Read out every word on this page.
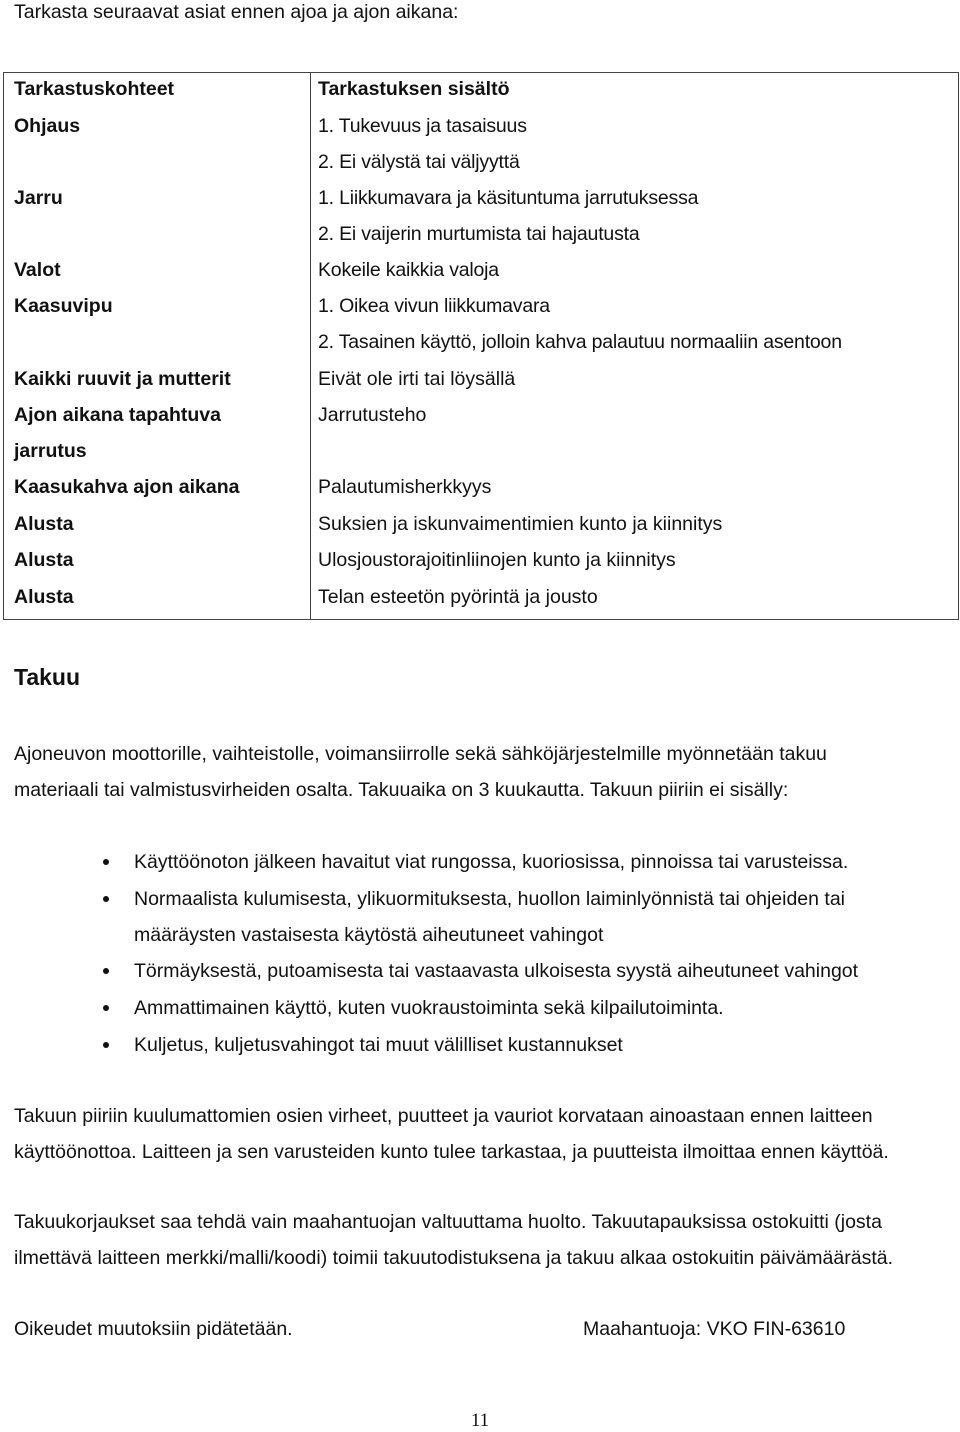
Tarkasta seuraavat asiat ennen ajoa ja ajon aikana:
Tarkastuskohteet	Tarkastuksen sisältö
Ohjaus	1. Tukevuus ja tasaisuus
2. Ei välystä tai väljyyttä
Jarru	1. Liikkumavara ja käsituntuma jarrutuksessa
2. Ei vaijerin murtumista tai hajautusta
Valot	Kokeile kaikkia valoja
Kaasuvipu	1. Oikea vivun liikkumavara
2. Tasainen käyttö, jolloin kahva palautuu normaaliin asentoon
Kaikki ruuvit ja mutterit	Eivät ole irti tai löysällä
Ajon aikana tapahtuva	Jarrutusteho
jarrutus
Kaasukahva ajon aikana	Palautumisherkkyys
Alusta	Suksien ja iskunvaimentimien kunto ja kiinnitys
Alusta	Ulosjoustorajoitinliinojen kunto ja kiinnitys
Alusta	Telan esteetön pyörintä ja jousto
Takuu
Ajoneuvon moottorille, vaihteistolle, voimansiirrolle sekä sähköjärjestelmille myönnetään takuu
materiaali tai valmistusvirheiden osalta. Takuuaika on 3 kuukautta. Takuun piiriin ei sisälly:
Käyttöönoton jälkeen havaitut viat rungossa, kuoriosissa, pinnoissa tai varusteissa.
Normaalista kulumisesta, ylikuormituksesta, huollon laiminlyönnistä tai ohjeiden tai
määräysten vastaisesta käytöstä aiheutuneet vahingot
Törmäyksestä, putoamisesta tai vastaavasta ulkoisesta syystä aiheutuneet vahingot
Ammattimainen käyttö, kuten vuokraustoiminta sekä kilpailutoiminta.
Kuljetus, kuljetusvahingot tai muut välilliset kustannukset
Takuun piiriin kuulumattomien osien virheet, puutteet ja vauriot korvataan ainoastaan ennen laitteen
käyttöönottoa. Laitteen ja sen varusteiden kunto tulee tarkastaa, ja puutteista ilmoittaa ennen käyttöä.
Takuukorjaukset saa tehdä vain maahantuojan valtuuttama huolto. Takuutapauksissa ostokuitti (josta
ilmettävä laitteen merkki/malli/koodi) toimii takuutodistuksena ja takuu alkaa ostokuitin päivämäärästä.
Oikeudet muutoksiin pidätetään.	Maahantuoja: VKO FIN-63610
11
